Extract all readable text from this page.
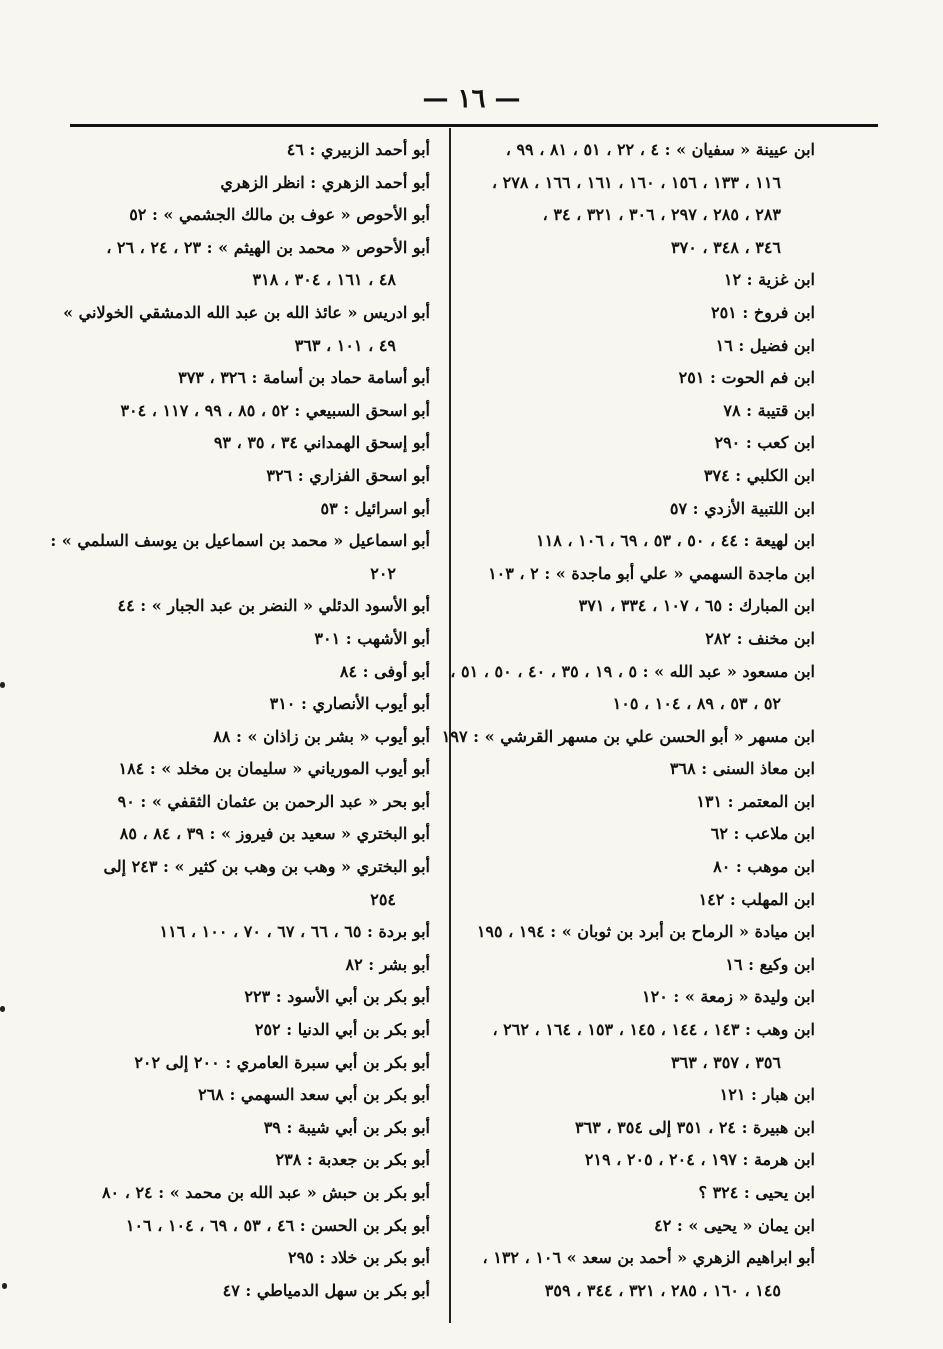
— ١٦ —
ابن عيينة « سفيان » : ٤ ، ٢٢ ، ٥١ ، ٨١ ، ٩٩ ،
١١٦ ، ١٣٣ ، ١٥٦ ، ١٦٠ ، ١٦١ ، ١٦٦ ، ٢٧٨ ،
٢٨٣ ، ٢٨٥ ، ٢٩٧ ، ٣٠٦ ، ٣٢١ ، ٣٤ ،
٣٤٦ ، ٣٤٨ ، ٣٧٠
ابن غزية : ١٢
ابن فروخ : ٢٥١
ابن فضيل : ١٦
ابن فم الحوت : ٢٥١
ابن قتيبة : ٧٨
ابن كعب : ٢٩٠
ابن الكلبي : ٣٧٤
ابن اللتبية الأزدي : ٥٧
ابن لهيعة : ٤٤ ، ٥٠ ، ٥٣ ، ٦٩ ، ١٠٦ ، ١١٨
ابن ماجدة السهمي « علي أبو ماجدة » : ٢ ، ١٠٣
ابن المبارك : ٦٥ ، ١٠٧ ، ٣٣٤ ، ٣٧١
ابن مخنف : ٢٨٢
ابن مسعود « عبد الله » : ٥ ، ١٩ ، ٣٥ ، ٤٠ ، ٥٠ ، ٥١ ،
٥٢ ، ٥٣ ، ٨٩ ، ١٠٤ ، ١٠٥
ابن مسهر « أبو الحسن علي بن مسهر القرشي » : ١٩٧
ابن معاذ السنى : ٣٦٨
ابن المعتمر : ١٣١
ابن ملاعب : ٦٢
ابن موهب : ٨٠
ابن المهلب : ١٤٢
ابن ميادة « الرماح بن أبرد بن ثوبان » : ١٩٤ ، ١٩٥
ابن وكيع : ١٦
ابن وليدة « زمعة » : ١٢٠
ابن وهب : ١٤٣ ، ١٤٤ ، ١٤٥ ، ١٥٣ ، ١٦٤ ، ٢٦٢ ،
٣٥٦ ، ٣٥٧ ، ٣٦٣
ابن هبار : ١٢١
ابن هبيرة : ٢٤ ، ٣٥١ إلى ٣٥٤ ، ٣٦٣
ابن هرمة : ١٩٧ ، ٢٠٤ ، ٢٠٥ ، ٢١٩
ابن يحيى : ٣٢٤ ؟
ابن يمان « يحيى » : ٤٢
أبو ابراهيم الزهري « أحمد بن سعد » ١٠٦ ، ١٣٢ ،
١٤٥ ، ١٦٠ ، ٢٨٥ ، ٣٢١ ، ٣٤٤ ، ٣٥٩
أبو أحمد الزبيري : ٤٦
أبو أحمد الزهري : انظر الزهري
أبو الأحوص « عوف بن مالك الجشمي » : ٥٢
أبو الأحوص « محمد بن الهيثم » : ٢٣ ، ٢٤ ، ٢٦ ،
٤٨ ، ١٦١ ، ٣٠٤ ، ٣١٨
أبو ادريس « عائذ الله بن عبد الله الدمشقي الخولاني »
٤٩ ، ١٠١ ، ٣٦٣
أبو أسامة حماد بن أسامة : ٣٢٦ ، ٣٧٣
أبو اسحق السبيعي : ٥٢ ، ٨٥ ، ٩٩ ، ١١٧ ، ٣٠٤
أبو إسحق الهمداني ٣٤ ، ٣٥ ، ٩٣
أبو اسحق الفزاري : ٣٢٦
أبو اسرائيل : ٥٣
أبو اسماعيل « محمد بن اسماعيل بن يوسف السلمي » :
٢٠٢
أبو الأسود الدئلي « النضر بن عبد الجبار » : ٤٤
أبو الأشهب : ٣٠١
أبو أوفى : ٨٤
أبو أيوب الأنصاري : ٣١٠
أبو أيوب « بشر بن زاذان » : ٨٨
أبو أيوب المورياني « سليمان بن مخلد » : ١٨٤
أبو بحر « عبد الرحمن بن عثمان الثقفي » : ٩٠
أبو البختري « سعيد بن فيروز » : ٣٩ ، ٨٤ ، ٨٥
أبو البختري « وهب بن وهب بن كثير » : ٢٤٣ إلى
٢٥٤
أبو بردة : ٦٥ ، ٦٦ ، ٦٧ ، ٧٠ ، ١٠٠ ، ١١٦
أبو بشر : ٨٢
أبو بكر بن أبي الأسود : ٢٢٣
أبو بكر بن أبي الدنيا : ٢٥٢
أبو بكر بن أبي سبرة العامري : ٢٠٠ إلى ٢٠٢
أبو بكر بن أبي سعد السهمي : ٢٦٨
أبو بكر بن أبي شيبة : ٣٩
أبو بكر بن جعدبة : ٢٣٨
أبو بكر بن حبش « عبد الله بن محمد » : ٢٤ ، ٨٠
أبو بكر بن الحسن : ٤٦ ، ٥٣ ، ٦٩ ، ١٠٤ ، ١٠٦
أبو بكر بن خلاد : ٢٩٥
أبو بكر بن سهل الدمياطي : ٤٧
